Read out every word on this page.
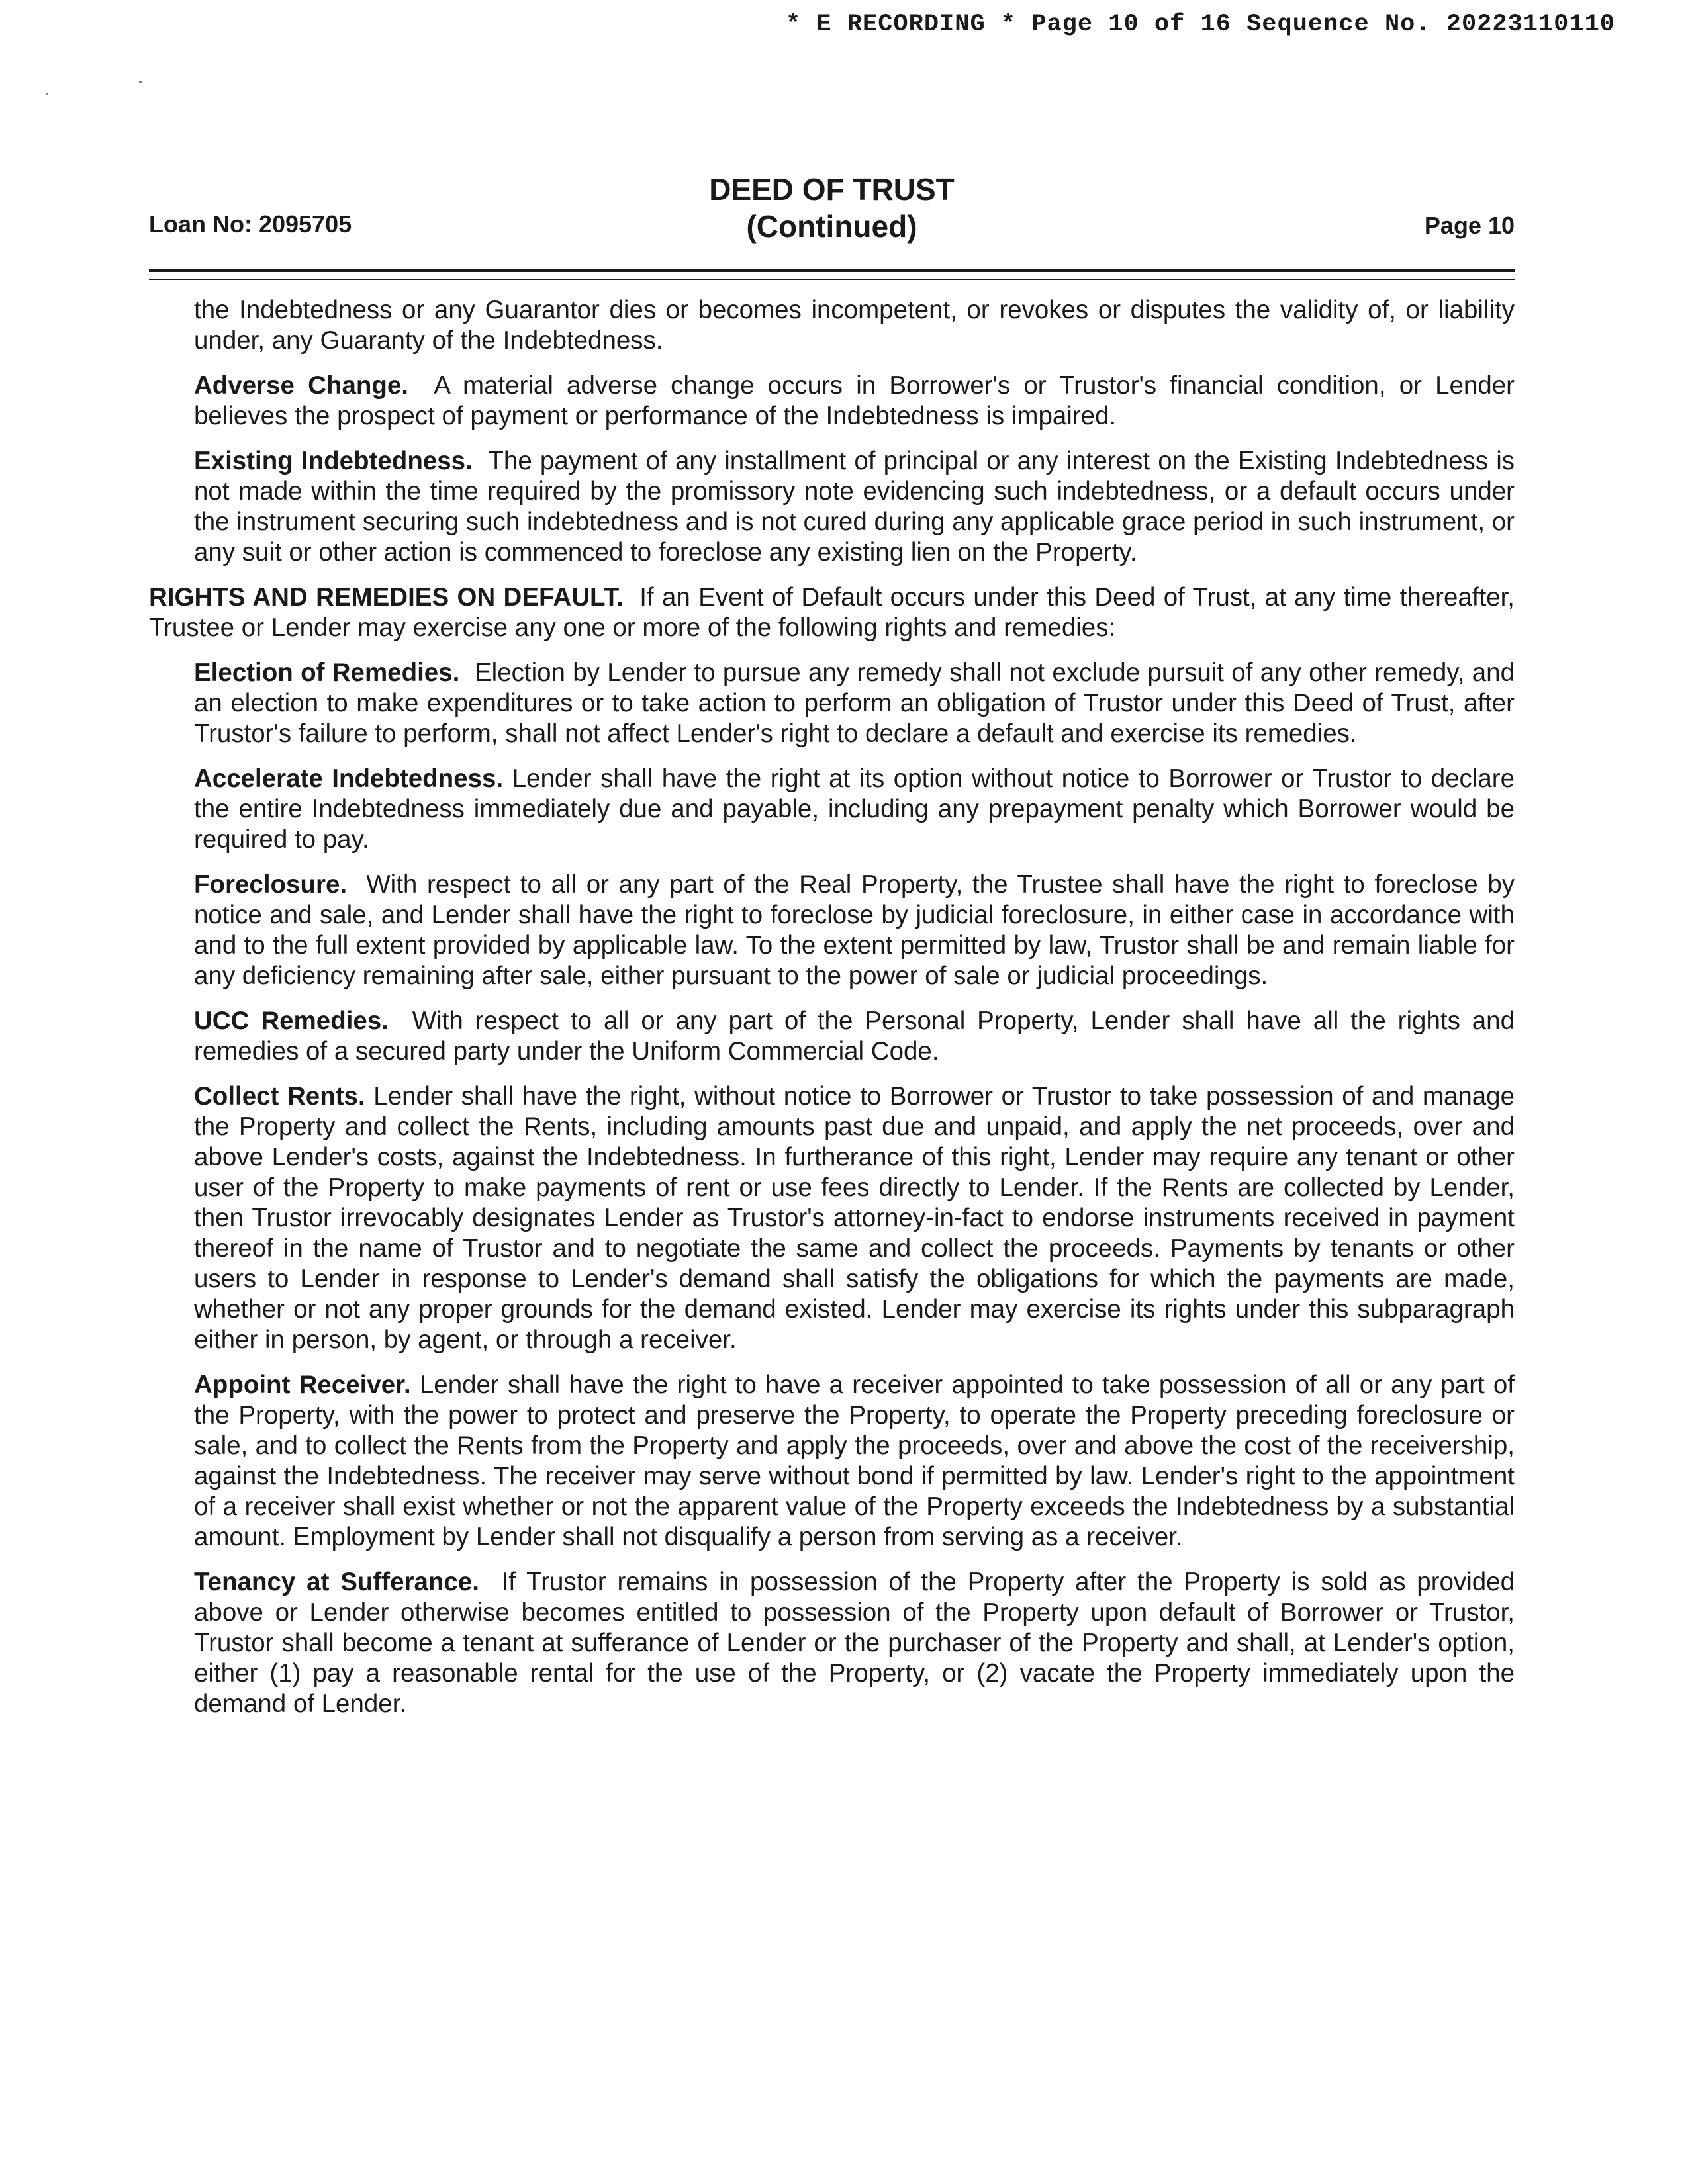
* E RECORDING * Page 10 of 16 Sequence No. 20223110110
Loan No: 2095705
DEED OF TRUST
(Continued)	Page 10

the Indebtedness or any Guarantor dies or becomes incompetent, or revokes or disputes the validity of, or liability under, any Guaranty of the Indebtedness.

Adverse Change. A material adverse change occurs in Borrower's or Trustor's financial condition, or Lender believes the prospect of payment or performance of the Indebtedness is impaired.

Existing Indebtedness. The payment of any installment of principal or any interest on the Existing Indebtedness is not made within the time required by the promissory note evidencing such indebtedness, or a default occurs under the instrument securing such indebtedness and is not cured during any applicable grace period in such instrument, or any suit or other action is commenced to foreclose any existing lien on the Property.

RIGHTS AND REMEDIES ON DEFAULT. If an Event of Default occurs under this Deed of Trust, at any time thereafter, Trustee or Lender may exercise any one or more of the following rights and remedies:

Election of Remedies. Election by Lender to pursue any remedy shall not exclude pursuit of any other remedy, and an election to make expenditures or to take action to perform an obligation of Trustor under this Deed of Trust, after Trustor's failure to perform, shall not affect Lender's right to declare a default and exercise its remedies.

Accelerate Indebtedness. Lender shall have the right at its option without notice to Borrower or Trustor to declare the entire Indebtedness immediately due and payable, including any prepayment penalty which Borrower would be required to pay.

Foreclosure. With respect to all or any part of the Real Property, the Trustee shall have the right to foreclose by notice and sale, and Lender shall have the right to foreclose by judicial foreclosure, in either case in accordance with and to the full extent provided by applicable law. To the extent permitted by law, Trustor shall be and remain liable for any deficiency remaining after sale, either pursuant to the power of sale or judicial proceedings.

UCC Remedies. With respect to all or any part of the Personal Property, Lender shall have all the rights and remedies of a secured party under the Uniform Commercial Code.

Collect Rents. Lender shall have the right, without notice to Borrower or Trustor to take possession of and manage the Property and collect the Rents, including amounts past due and unpaid, and apply the net proceeds, over and above Lender's costs, against the Indebtedness. In furtherance of this right, Lender may require any tenant or other user of the Property to make payments of rent or use fees directly to Lender. If the Rents are collected by Lender, then Trustor irrevocably designates Lender as Trustor's attorney-in-fact to endorse instruments received in payment thereof in the name of Trustor and to negotiate the same and collect the proceeds. Payments by tenants or other users to Lender in response to Lender's demand shall satisfy the obligations for which the payments are made, whether or not any proper grounds for the demand existed. Lender may exercise its rights under this subparagraph either in person, by agent, or through a receiver.

Appoint Receiver. Lender shall have the right to have a receiver appointed to take possession of all or any part of the Property, with the power to protect and preserve the Property, to operate the Property preceding foreclosure or sale, and to collect the Rents from the Property and apply the proceeds, over and above the cost of the receivership, against the Indebtedness. The receiver may serve without bond if permitted by law. Lender's right to the appointment of a receiver shall exist whether or not the apparent value of the Property exceeds the Indebtedness by a substantial amount. Employment by Lender shall not disqualify a person from serving as a receiver.

Tenancy at Sufferance. If Trustor remains in possession of the Property after the Property is sold as provided above or Lender otherwise becomes entitled to possession of the Property upon default of Borrower or Trustor, Trustor shall become a tenant at sufferance of Lender or the purchaser of the Property and shall, at Lender's option, either (1) pay a reasonable rental for the use of the Property, or (2) vacate the Property immediately upon the demand of Lender.
